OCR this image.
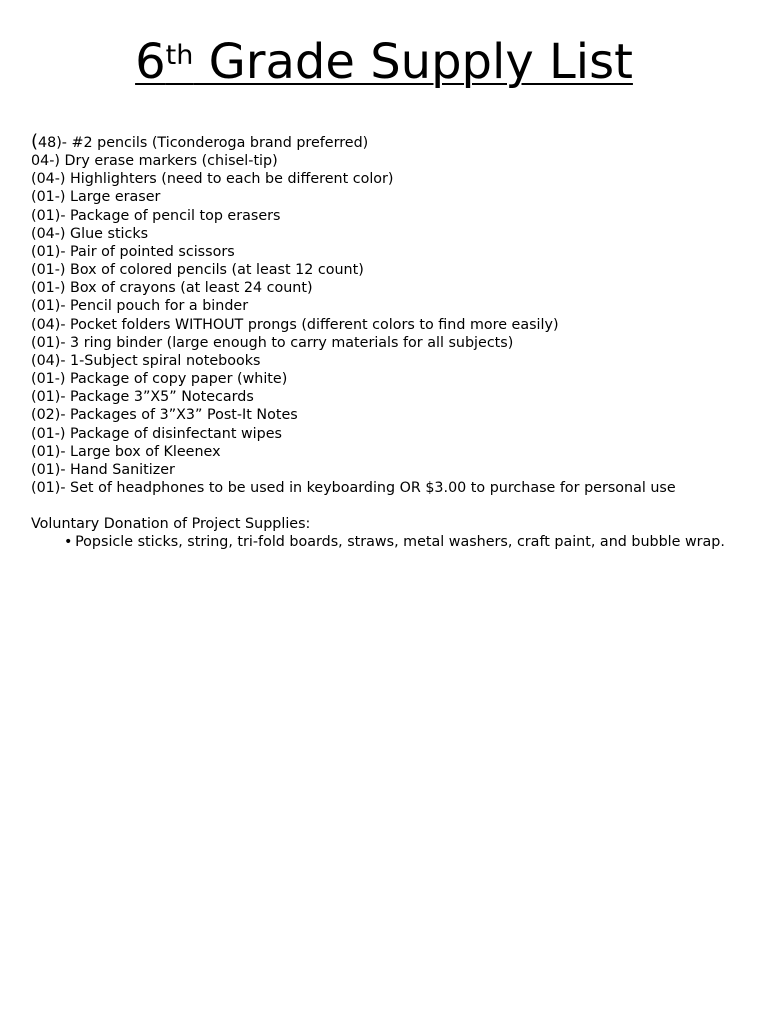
6th Grade Supply List
(48)- #2 pencils (Ticonderoga brand preferred)
04-) Dry erase markers (chisel-tip)
(04-) Highlighters (need to each be different color)
(01-) Large eraser
(01)- Package of pencil top erasers
(04-) Glue sticks
(01)- Pair of pointed scissors
(01-) Box of colored pencils (at least 12 count)
(01-) Box of crayons (at least 24 count)
(01)- Pencil pouch for a binder
(04)- Pocket folders WITHOUT prongs (different colors to find more easily)
(01)- 3 ring binder (large enough to carry materials for all subjects)
(04)- 1-Subject spiral notebooks
(01-) Package of copy paper (white)
(01)- Package 3”X5” Notecards
(02)- Packages of 3”X3” Post-It Notes
(01-) Package of disinfectant wipes
(01)- Large box of Kleenex
(01)- Hand Sanitizer
(01)- Set of headphones to be used in keyboarding OR $3.00 to purchase for personal use

Voluntary Donation of Project Supplies:

• Popsicle sticks, string, tri-fold boards, straws, metal washers, craft paint, and bubble wrap.
